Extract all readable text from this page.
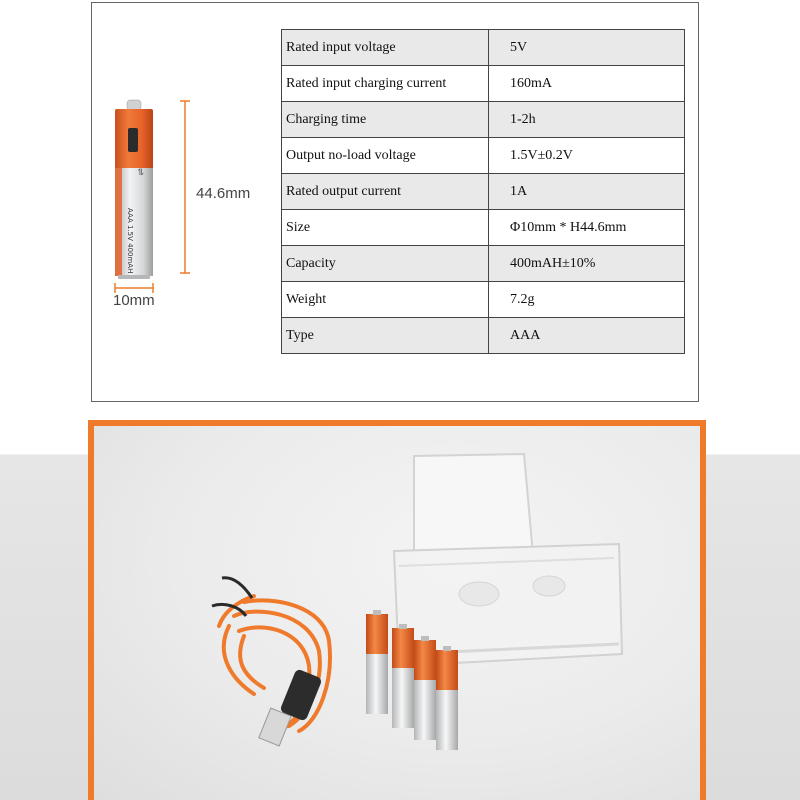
⇌
AAA 1.5V 400mAH
44.6mm
10mm
Rated input voltage	5V
Rated input charging current	160mA
Charging time	1-2h
Output no-load voltage	1.5V±0.2V
Rated output current	1A
Size	Φ10mm * H44.6mm
Capacity	400mAH±10%
Weight	7.2g
Type	AAA
